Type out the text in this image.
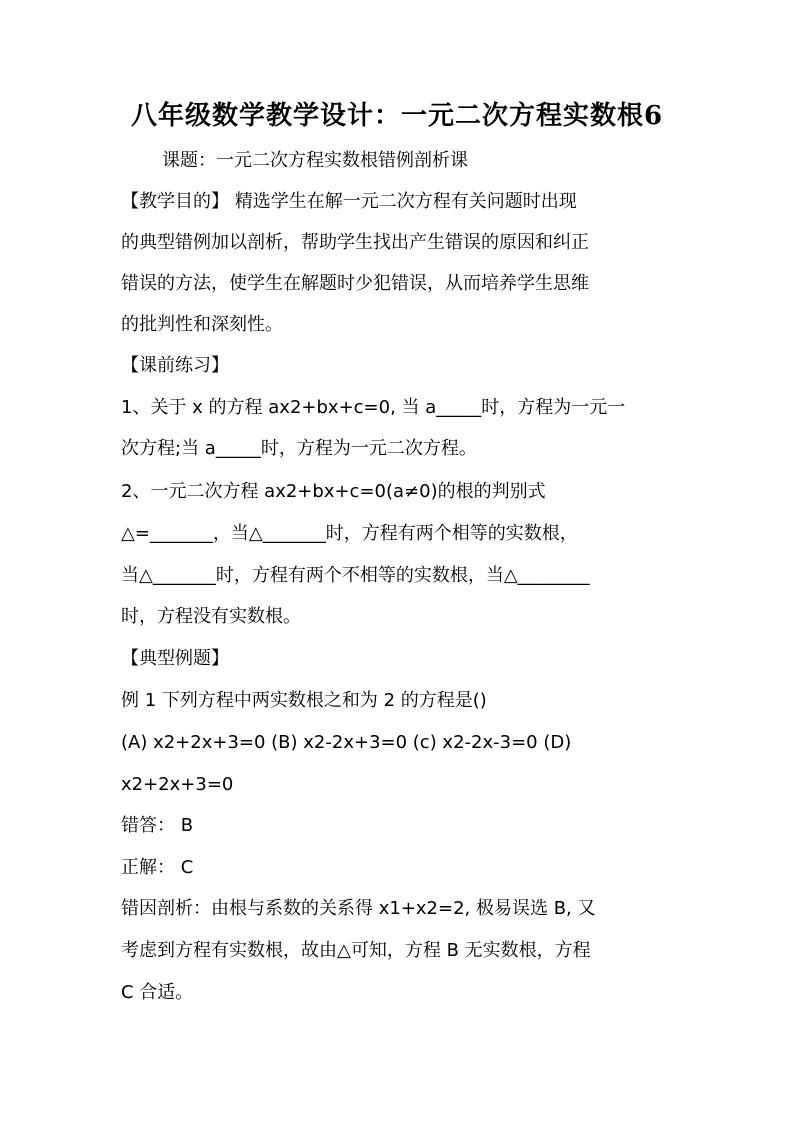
八年级数学教学设计：一元二次方程实数根6
课题：一元二次方程实数根错例剖析课
【教学目的】 精选学生在解一元二次方程有关问题时出现
的典型错例加以剖析，帮助学生找出产生错误的原因和纠正
错误的方法，使学生在解题时少犯错误，从而培养学生思维
的批判性和深刻性。
【课前练习】
1、关于 x 的方程 ax2+bx+c=0, 当 a_____时，方程为一元一
次方程;当 a_____时，方程为一元二次方程。
2、一元二次方程 ax2+bx+c=0(a≠0)的根的判别式
△=_______，当△_______时，方程有两个相等的实数根，
当△_______时，方程有两个不相等的实数根，当△________
时，方程没有实数根。
【典型例题】
例 1 下列方程中两实数根之和为 2 的方程是()
(A) x2+2x+3=0 (B) x2-2x+3=0 (c) x2-2x-3=0 (D)
x2+2x+3=0
错答： B
正解： C
错因剖析：由根与系数的关系得 x1+x2=2, 极易误选 B, 又
考虑到方程有实数根，故由△可知，方程 B 无实数根，方程
C 合适。
